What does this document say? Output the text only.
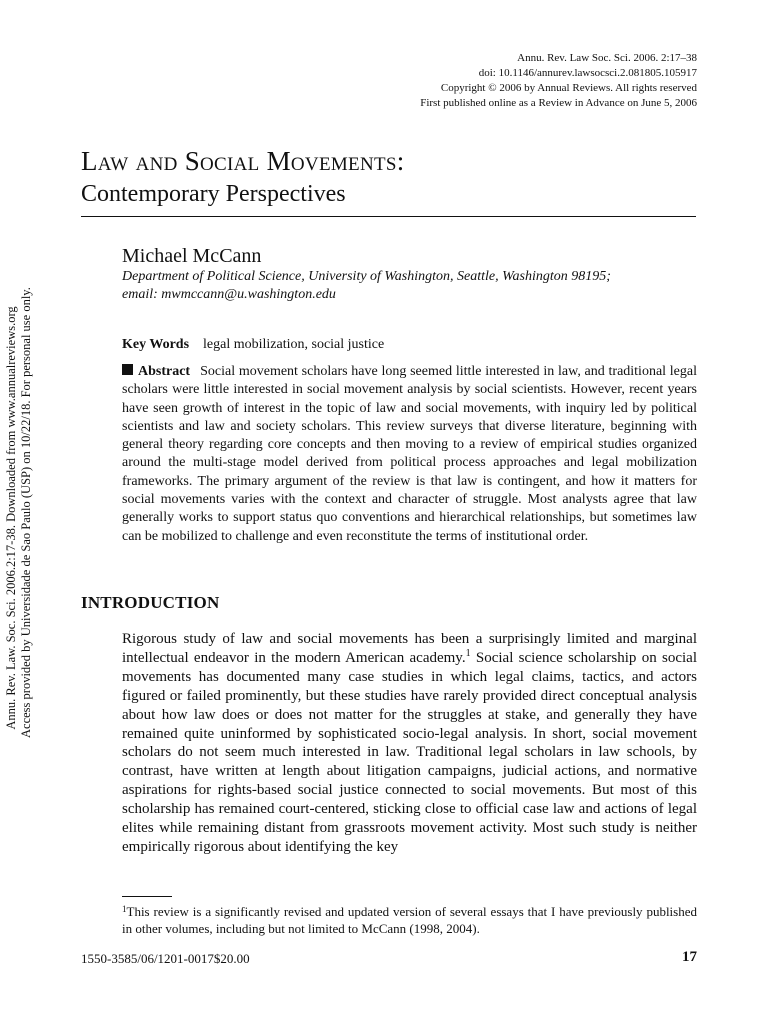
Annu. Rev. Law. Soc. Sci. 2006.2:17-38. Downloaded from www.annualreviews.org Access provided by Universidade de Sao Paulo (USP) on 10/22/18. For personal use only.
Annu. Rev. Law Soc. Sci. 2006. 2:17–38
doi: 10.1146/annurev.lawsocsci.2.081805.105917
Copyright © 2006 by Annual Reviews. All rights reserved
First published online as a Review in Advance on June 5, 2006
Law and Social Movements:
Contemporary Perspectives
Michael McCann
Department of Political Science, University of Washington, Seattle, Washington 98195;
email: mwmccann@u.washington.edu
Key Words legal mobilization, social justice
Abstract Social movement scholars have long seemed little interested in law, and traditional legal scholars were little interested in social movement analysis by social scientists. However, recent years have seen growth of interest in the topic of law and social movements, with inquiry led by political scientists and law and society scholars. This review surveys that diverse literature, beginning with general theory regarding core concepts and then moving to a review of empirical studies organized around the multi-stage model derived from political process approaches and legal mobilization frameworks. The primary argument of the review is that law is contingent, and how it matters for social movements varies with the context and character of struggle. Most analysts agree that law generally works to support status quo conventions and hierarchical relationships, but sometimes law can be mobilized to challenge and even reconstitute the terms of institutional order.
INTRODUCTION

Rigorous study of law and social movements has been a surprisingly limited and marginal intellectual endeavor in the modern American academy.$^1$ Social science scholarship on social movements has documented many case studies in which legal claims, tactics, and actors figured or failed prominently, but these studies have rarely provided direct conceptual analysis about how law does or does not matter for the struggles at stake, and generally they have remained quite uninformed by sophisticated socio-legal analysis. In short, social movement scholars do not seem much interested in law. Traditional legal scholars in law schools, by contrast, have written at length about litigation campaigns, judicial actions, and normative aspirations for rights-based social justice connected to social movements. But most of this scholarship has remained court-centered, sticking close to official case law and actions of legal elites while remaining distant from grassroots movement activity. Most such study is neither empirically rigorous about identifying the key

$^1$This review is a significantly revised and updated version of several essays that I have previously published in other volumes, including but not limited to McCann (1998, 2004).
1550-3585/06/1201-0017$20.00	17
